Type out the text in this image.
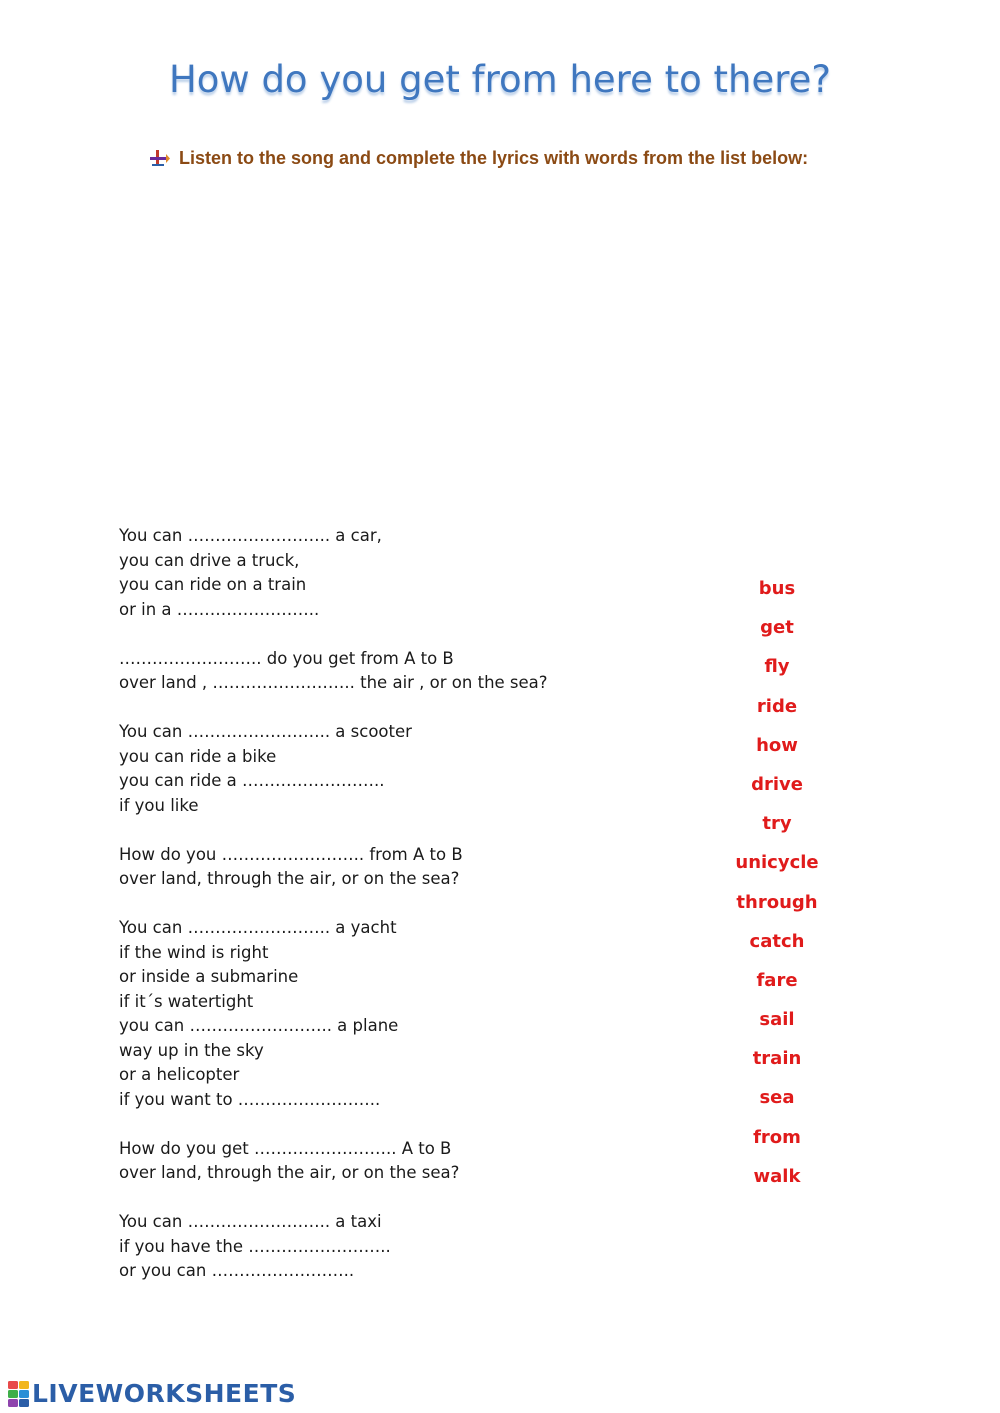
How do you get from here to there?
Listen to the song and complete the lyrics with words from the list below:
You can …………………….. a car,
you can drive a truck,
you can ride on a train
or in a ……………………..
…………………….. do you get from A to B
over land , …………………….. the air , or on the sea?
You can …………………….. a scooter
you can ride a bike
you can ride a ……………………..
if you like
How do you …………………….. from A to B
over land, through the air, or on the sea?
You can …………………….. a yacht
if the wind is right
or inside a submarine
if it´s watertight
you can …………………….. a plane
way up in the sky
or a helicopter
if you want to ……………………..
How do you get …………………….. A to B
over land, through the air, or on the sea?
You can …………………….. a taxi
if you have the ……………………..
or you can ……………………..
bus
get
fly
ride
how
drive
try
unicycle
through
catch
fare
sail
train
sea
from
walk
LIVEWORKSHEETS
